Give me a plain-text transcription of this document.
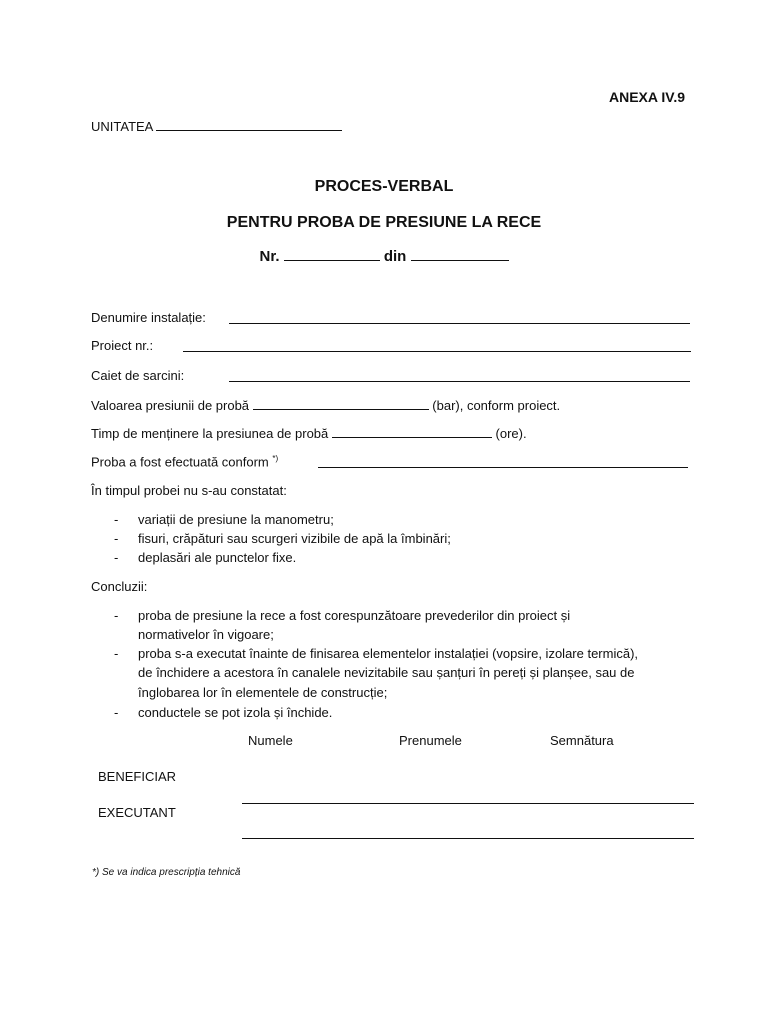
ANEXA IV.9
UNITATEA
PROCES-VERBAL
PENTRU PROBA DE PRESIUNE LA RECE
Nr.	din
Denumire instalație:
Proiect nr.:
Caiet de sarcini:
Valoarea presiunii de probă	(bar), conform proiect.
Timp de menținere la presiunea de probă	(ore).
Proba a fost efectuată conform *)
În timpul probei nu s-au constatat:
- variații de presiune la manometru;
- fisuri, crăpături sau scurgeri vizibile de apă la îmbinări;
- deplasări ale punctelor fixe.
Concluzii:
- proba de presiune la rece a fost corespunzătoare prevederilor din proiect și
normativelor în vigoare;
- proba s-a executat înainte de finisarea elementelor instalației (vopsire, izolare termică),
de închidere a acestora în canalele nevizitabile sau șanțuri în pereți și planșee, sau de
înglobarea lor în elementele de construcție;
- conductele se pot izola și închide.
Numele	Prenumele	Semnătura
BENEFICIAR
EXECUTANT
*) Se va indica prescripția tehnică
